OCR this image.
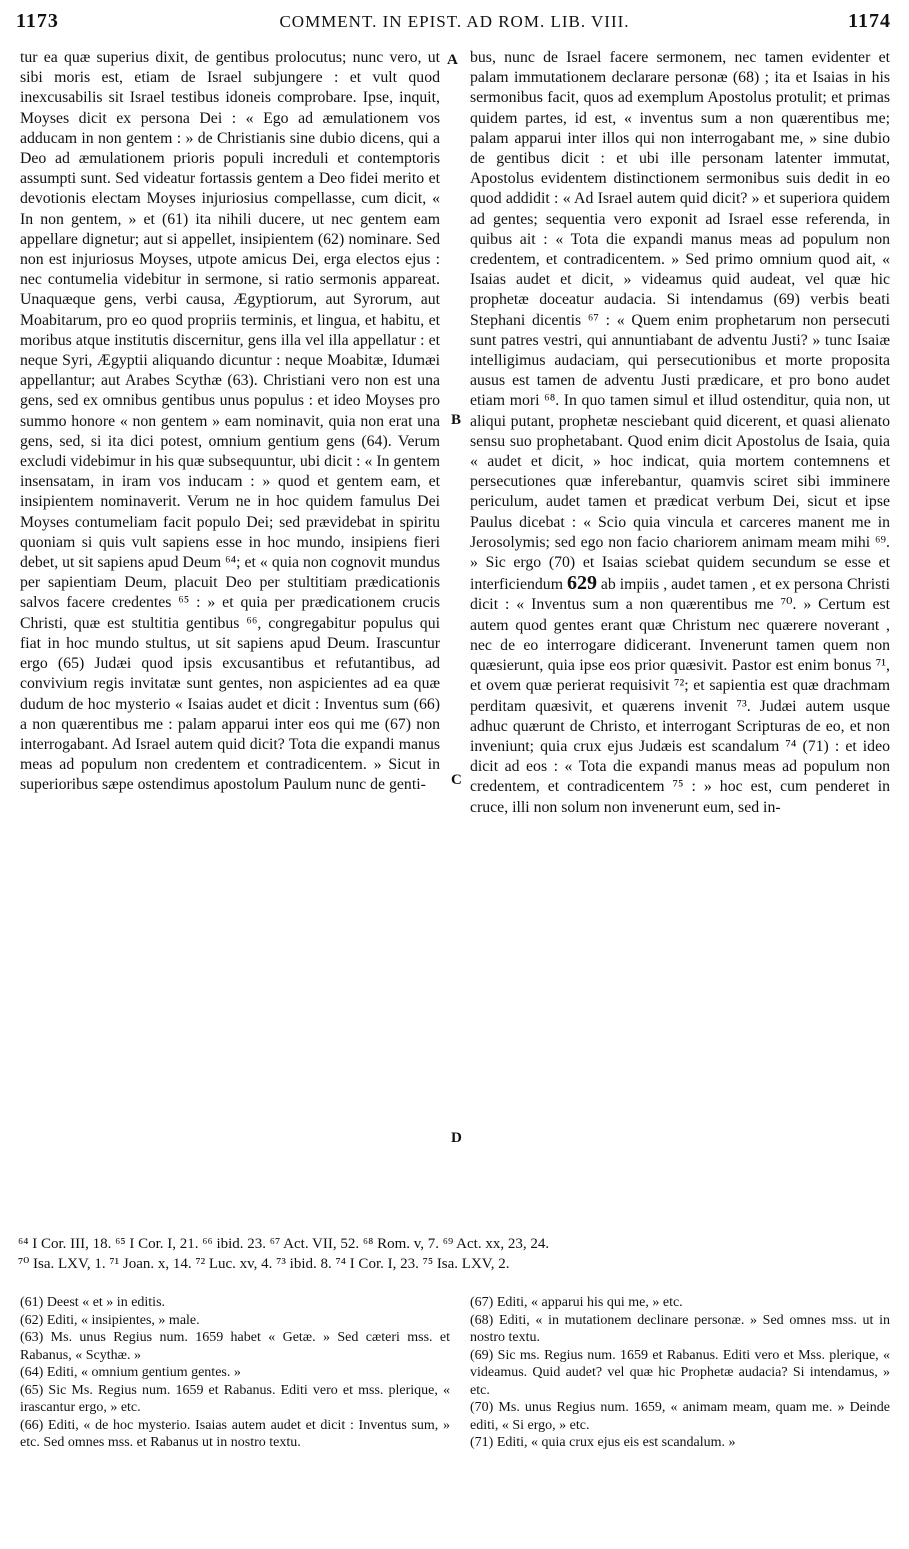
1173	COMMENT. IN EPIST. AD ROM. LIB. VIII.	1174

tur ea quæ superius dixit, de gentibus prolocutus; nunc vero, ut sibi moris est, etiam de Israel subjungere : et vult quod inexcusabilis sit Israel testibus idoneis comprobare. Ipse, inquit, Moyses dicit ex persona Dei : « Ego ad æmulationem vos adducam in non gentem : » de Christianis sine dubio dicens, qui a Deo ad æmulationem prioris populi increduli et contemptoris assumpti sunt. Sed videatur fortassis gentem a Deo fidei merito et devotionis electam Moyses injuriosius compellasse, cum dicit, « In non gentem, » et (61) ita nihili ducere, ut nec gentem eam appellare dignetur; aut si appellet, insipientem (62) nominare. Sed non est injuriosus Moyses, utpote amicus Dei, erga electos ejus : nec contumelia videbitur in sermone, si ratio sermonis appareat. Unaquæque gens, verbi causa, Ægyptiorum, aut Syrorum, aut Moabitarum, pro eo quod propriis terminis, et lingua, et habitu, et moribus atque institutis discernitur, gens illa vel illa appellatur : et neque Syri, Ægyptii aliquando dicuntur : neque Moabitæ, Idumæi appellantur; aut Arabes Scythæ (63). Christiani vero non est una gens, sed ex omnibus gentibus unus populus : et ideo Moyses pro summo honore « non gentem » eam nominavit, quia non erat una gens, sed, si ita dici potest, omnium gentium gens (64). Verum excludi videbimur in his quæ subsequuntur, ubi dicit : « In gentem insensatam, in iram vos inducam : » quod et gentem eam, et insipientem nominaverit. Verum ne in hoc quidem famulus Dei Moyses contumeliam facit populo Dei; sed prævidebat in spiritu quoniam si quis vult sapiens esse in hoc mundo, insipiens fieri debet, ut sit sapiens apud Deum ⁶⁴; et « quia non cognovit mundus per sapientiam Deum, placuit Deo per stultitiam prædicationis salvos facere credentes ⁶⁵ : » et quia per prædicationem crucis Christi, quæ est stultitia gentibus ⁶⁶, congregabitur populus qui fiat in hoc mundo stultus, ut sit sapiens apud Deum. Irascuntur ergo (65) Judæi quod ipsis excusantibus et refutantibus, ad convivium regis invitatæ sunt gentes, non aspicientes ad ea quæ dudum de hoc mysterio « Isaias audet et dicit : Inventus sum (66) a non quærentibus me : palam apparui inter eos qui me (67) non interrogabant. Ad Israel autem quid dicit? Tota die expandi manus meas ad populum non credentem et contradicentem. » Sicut in superioribus sæpe ostendimus apostolum Paulum nunc de genti-

A
B
C
D

bus, nunc de Israel facere sermonem, nec tamen evidenter et palam immutationem declarare personæ (68) ; ita et Isaias in his sermonibus facit, quos ad exemplum Apostolus protulit; et primas quidem partes, id est, « inventus sum a non quærentibus me; palam apparui inter illos qui non interrogabant me, » sine dubio de gentibus dicit : et ubi ille personam latenter immutat, Apostolus evidentem distinctionem sermonibus suis dedit in eo quod addidit : « Ad Israel autem quid dicit? » et superiora quidem ad gentes; sequentia vero exponit ad Israel esse referenda, in quibus ait : « Tota die expandi manus meas ad populum non credentem, et contradicentem. » Sed primo omnium quod ait, « Isaias audet et dicit, » videamus quid audeat, vel quæ hic prophetæ doceatur audacia. Si intendamus (69) verbis beati Stephani dicentis ⁶⁷ : « Quem enim prophetarum non persecuti sunt patres vestri, qui annuntiabant de adventu Justi? » tunc Isaiæ intelligimus audaciam, qui persecutionibus et morte proposita ausus est tamen de adventu Justi prædicare, et pro bono audet etiam mori ⁶⁸. In quo tamen simul et illud ostenditur, quia non, ut aliqui putant, prophetæ nesciebant quid dicerent, et quasi alienato sensu suo prophetabant. Quod enim dicit Apostolus de Isaia, quia « audet et dicit, » hoc indicat, quia mortem contemnens et persecutiones quæ inferebantur, quamvis sciret sibi imminere periculum, audet tamen et prædicat verbum Dei, sicut et ipse Paulus dicebat : « Scio quia vincula et carceres manent me in Jerosolymis; sed ego non facio chariorem animam meam mihi ⁶⁹. » Sic ergo (70) et Isaias sciebat quidem secundum se esse et interficiendum 629 ab impiis , audet tamen , et ex persona Christi dicit : « Inventus sum a non quærentibus me ⁷⁰. » Certum est autem quod gentes erant quæ Christum nec quærere noverant , nec de eo interrogare didicerant. Invenerunt tamen quem non quæsierunt, quia ipse eos prior quæsivit. Pastor est enim bonus ⁷¹, et ovem quæ perierat requisivit ⁷²; et sapientia est quæ drachmam perditam quæsivit, et quærens invenit ⁷³. Judæi autem usque adhuc quærunt de Christo, et interrogant Scripturas de eo, et non inveniunt; quia crux ejus Judæis est scandalum ⁷⁴ (71) : et ideo dicit ad eos : « Tota die expandi manus meas ad populum non credentem, et contradicentem ⁷⁵ : » hoc est, cum penderet in cruce, illi non solum non invenerunt eum, sed in-

⁶⁴ I Cor. III, 18. ⁶⁵ I Cor. I, 21. ⁶⁶ ibid. 23. ⁶⁷ Act. VII, 52. ⁶⁸ Rom. v, 7. ⁶⁹ Act. xx, 23, 24.
⁷⁰ Isa. LXV, 1. ⁷¹ Joan. x, 14. ⁷² Luc. xv, 4. ⁷³ ibid. 8. ⁷⁴ I Cor. I, 23. ⁷⁵ Isa. LXV, 2.

(61) Deest « et » in editis.

(62) Editi, « insipientes, » male.

(63) Ms. unus Regius num. 1659 habet « Getæ. » Sed cæteri mss. et Rabanus, « Scythæ. »

(64) Editi, « omnium gentium gentes. »

(65) Sic Ms. Regius num. 1659 et Rabanus. Editi vero et mss. plerique, « irascantur ergo, » etc.

(66) Editi, « de hoc mysterio. Isaias autem audet et dicit : Inventus sum, » etc. Sed omnes mss. et Rabanus ut in nostro textu.

(67) Editi, « apparui his qui me, » etc.

(68) Editi, « in mutationem declinare personæ. » Sed omnes mss. ut in nostro textu.

(69) Sic ms. Regius num. 1659 et Rabanus. Editi vero et Mss. plerique, « videamus. Quid audet? vel quæ hic Prophetæ audacia? Si intendamus, » etc.

(70) Ms. unus Regius num. 1659, « animam meam, quam me. » Deinde editi, « Si ergo, » etc.

(71) Editi, « quia crux ejus eis est scandalum. »
